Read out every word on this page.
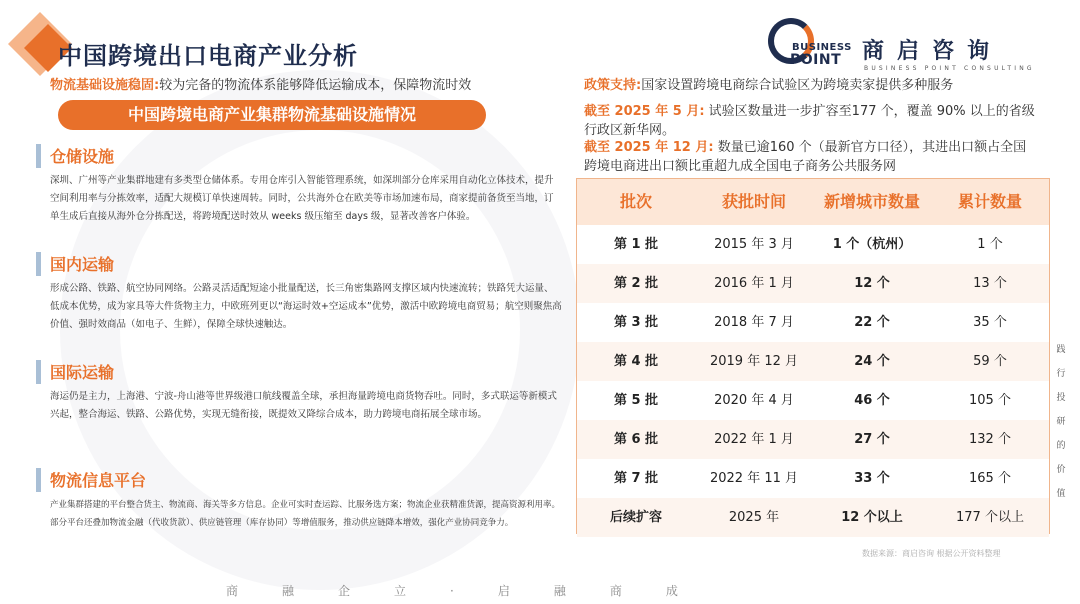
中国跨境出口电商产业分析
物流基础设施稳固:较为完备的物流体系能够降低运输成本，保障物流时效
中国跨境电商产业集群物流基础设施情况
仓储设施
深圳、广州等产业集群地建有多类型仓储体系。专用仓库引入智能管理系统，如深圳部分仓库采用自动化立体技术，提升空间利用率与分拣效率，适配大规模订单快速周转。同时，公共海外仓在欧美等市场加速布局，商家提前备货至当地，订单生成后直接从海外仓分拣配送，将跨境配送时效从 weeks 级压缩至 days 级，显著改善客户体验。
国内运输
形成公路、铁路、航空协同网络。公路灵活适配短途小批量配送，长三角密集路网支撑区域内快速流转；铁路凭大运量、低成本优势，成为家具等大件货物主力，中欧班列更以“海运时效+空运成本”优势，激活中欧跨境电商贸易；航空则聚焦高价值、强时效商品（如电子、生鲜），保障全球快速触达。
国际运输
海运仍是主力，上海港、宁波-舟山港等世界级港口航线覆盖全球，承担海量跨境电商货物吞吐。同时，多式联运等新模式兴起，整合海运、铁路、公路优势，实现无缝衔接，既提效又降综合成本，助力跨境电商拓展全球市场。
物流信息平台
产业集群搭建的平台整合货主、物流商、海关等多方信息。企业可实时查运踪、比服务选方案；物流企业获精准货源，提高资源利用率。部分平台还叠加物流金融（代收货款）、供应链管理（库存协同）等增值服务，推动供应链降本增效，强化产业协同竞争力。
BUSINESS
POINT 商启咨询
BUSINESS POINT CONSULTING
政策支持:国家设置跨境电商综合试验区为跨境卖家提供多种服务
截至 2025 年 5 月: 试验区数量进一步扩容至177 个，覆盖 90% 以上的省级行政区新华网。
截至 2025 年 12 月: 数量已逾160 个（最新官方口径），其进出口额占全国跨境电商进出口额比重超九成全国电子商务公共服务网
批次	获批时间	新增城市数量	累计数量
第 1 批	2015 年 3 月	1 个（杭州）	1 个
第 2 批	2016 年 1 月	12 个	13 个
第 3 批	2018 年 7 月	22 个	35 个
第 4 批	2019 年 12 月	24 个	59 个
第 5 批	2020 年 4 月	46 个	105 个
第 6 批	2022 年 1 月	27 个	132 个
第 7 批	2022 年 11 月	33 个	165 个
后续扩容	2025 年	12 个以上	177 个以上
数据来源：商启咨询 根据公开资料整理
践行投研的价值
商融企立·启融商成
